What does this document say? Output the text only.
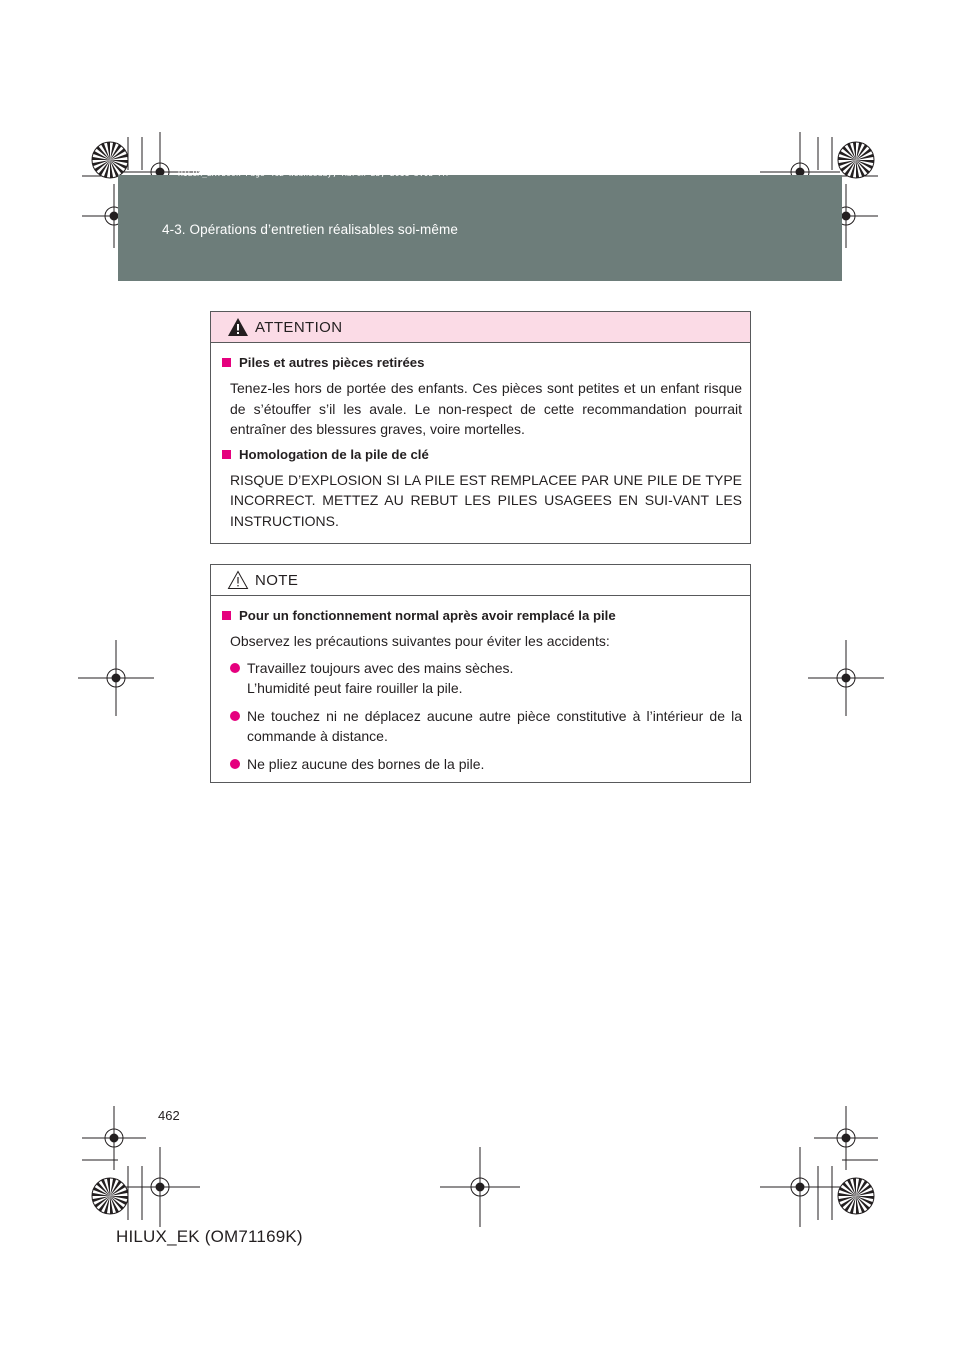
4-3. Opérations d’entretien réalisables soi-même
HILUX_EK.book Page 462 Wednesday, March 23, 2011 3:03 PM
ATTENTION
Piles et autres pièces retirées

Tenez-les hors de portée des enfants. Ces pièces sont petites et un enfant risque de s’étouffer s’il les avale. Le non-respect de cette recommandation pourrait entraîner des blessures graves, voire mortelles.

Homologation de la pile de clé

RISQUE D’EXPLOSION SI LA PILE EST REMPLACEE PAR UNE PILE DE TYPE INCORRECT. METTEZ AU REBUT LES PILES USAGEES EN SUI-VANT LES INSTRUCTIONS.

NOTE
Pour un fonctionnement normal après avoir remplacé la pile

Observez les précautions suivantes pour éviter les accidents:

Travaillez toujours avec des mains sèches.
L’humidité peut faire rouiller la pile.
Ne touchez ni ne déplacez aucune autre pièce constitutive à l’intérieur de la commande à distance.
Ne pliez aucune des bornes de la pile.
462
HILUX_EK (OM71169K)
